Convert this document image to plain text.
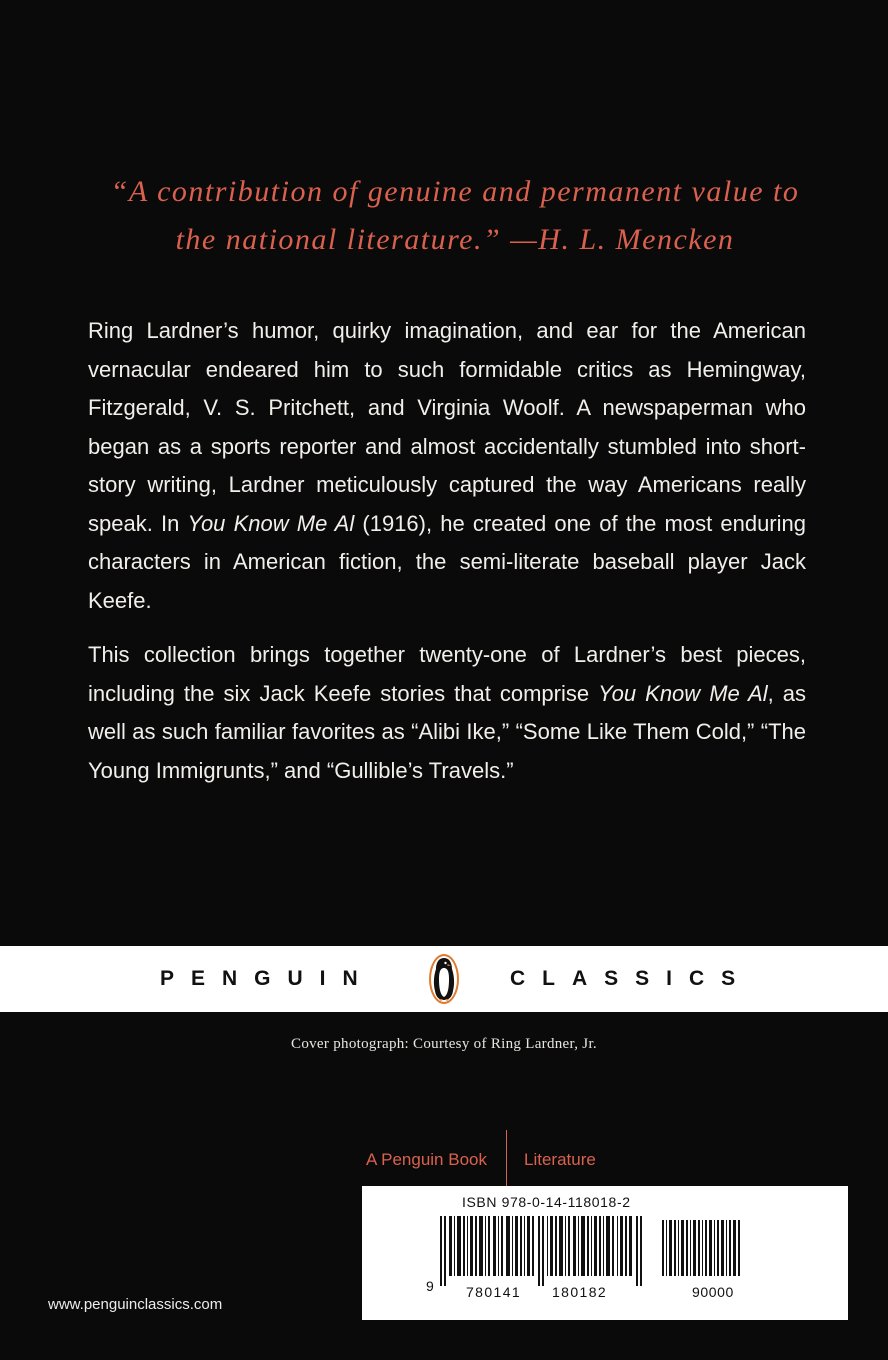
“A contribution of genuine and permanent value to
the national literature.” —H. L. Mencken

Ring Lardner’s humor, quirky imagination, and ear for the American vernacular endeared him to such formidable critics as Hemingway, Fitzgerald, V. S. Pritchett, and Virginia Woolf. A newspaperman who began as a sports reporter and almost accidentally stumbled into short-story writing, Lardner meticulously captured the way Americans really speak. In You Know Me Al (1916), he created one of the most enduring characters in American fiction, the semi-literate baseball player Jack Keefe.

This collection brings together twenty-one of Lardner’s best pieces, including the six Jack Keefe stories that comprise You Know Me Al, as well as such familiar favorites as “Alibi Ike,” “Some Like Them Cold,” “The Young Immigrunts,” and “Gullible’s Travels.”

PENGUIN	CLASSICS
Cover photograph: Courtesy of Ring Lardner, Jr.
A Penguin Book Literature
www.penguinclassics.com
ISBN 978-0-14-118018-2
9 780141 180182	90000
